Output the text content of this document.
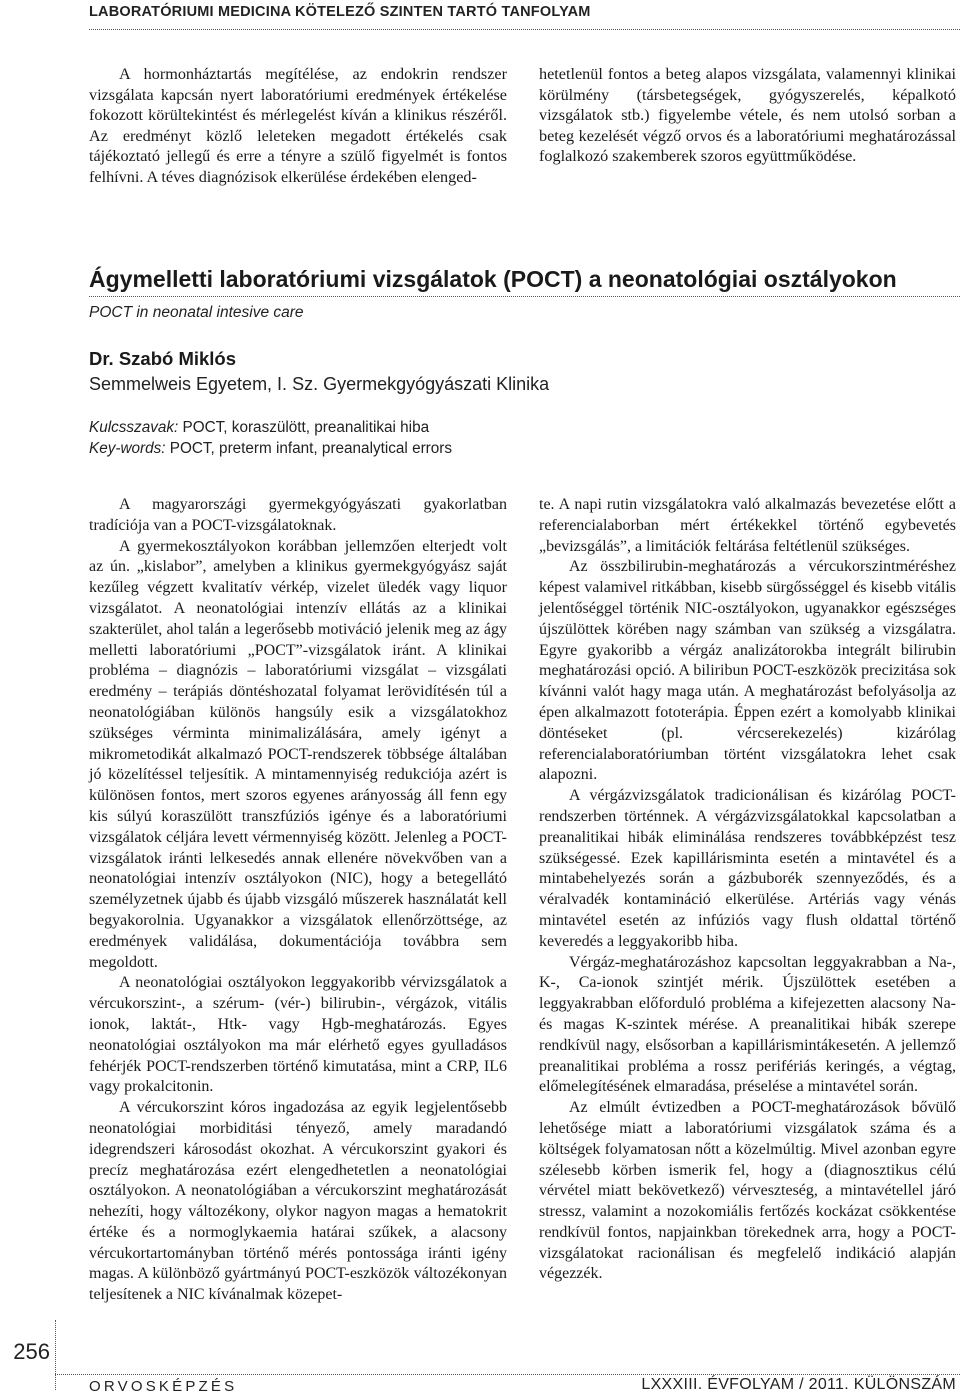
LABORATÓRIUMI MEDICINA KÖTELEZŐ SZINTEN TARTÓ TANFOLYAM

A hormonháztartás megítélése, az endokrin rendszer vizsgálata kapcsán nyert laboratóriumi eredmények értékelése fokozott körültekintést és mérlegelést kíván a klinikus részéről. Az eredményt közlő leleteken megadott értékelés csak tájékoztató jellegű és erre a tényre a szülő figyelmét is fontos felhívni. A téves diagnózisok elkerülése érdekében elenged-

hetetlenül fontos a beteg alapos vizsgálata, valamennyi klinikai körülmény (társbetegségek, gyógyszerelés, képalkotó vizsgálatok stb.) figyelembe vétele, és nem utolsó sorban a beteg kezelését végző orvos és a laboratóriumi meghatározással foglalkozó szakemberek szoros együttműködése.

Ágymelletti laboratóriumi vizsgálatok (POCT) a neonatológiai osztályokon
POCT in neonatal intesive care
Dr. Szabó Miklós
Semmelweis Egyetem, I. Sz. Gyermekgyógyászati Klinika
Kulcsszavak: POCT, koraszülött, preanalitikai hiba
Key-words: POCT, preterm infant, preanalytical errors

A magyarországi gyermekgyógyászati gyakorlatban tradíciója van a POCT-vizsgálatoknak.

A gyermekosztályokon korábban jellemzően elterjedt volt az ún. „kislabor”, amelyben a klinikus gyermekgyógyász saját kezűleg végzett kvalitatív vérkép, vizelet üledék vagy liquor vizsgálatot. A neonatológiai intenzív ellátás az a klinikai szakterület, ahol talán a legerősebb motiváció jelenik meg az ágy melletti laboratóriumi „POCT”-vizsgálatok iránt. A klinikai probléma – diagnózis – laboratóriumi vizsgálat – vizsgálati eredmény – terápiás döntéshozatal folyamat lerövidítésén túl a neonatológiában különös hangsúly esik a vizsgálatokhoz szükséges vérminta minimalizálására, amely igényt a mikrometodikát alkalmazó POCT-rendszerek többsége általában jó közelítéssel teljesítik. A mintamennyiség redukciója azért is különösen fontos, mert szoros egyenes arányosság áll fenn egy kis súlyú koraszülött transzfúziós igénye és a laboratóriumi vizsgálatok céljára levett vérmennyiség között. Jelenleg a POCT-vizsgálatok iránti lelkesedés annak ellenére növekvőben van a neonatológiai intenzív osztályokon (NIC), hogy a betegellátó személyzetnek újabb és újabb vizsgáló műszerek használatát kell begyakorolnia. Ugyanakkor a vizsgálatok ellenőrzöttsége, az eredmények validálása, dokumentációja továbbra sem megoldott.

A neonatológiai osztályokon leggyakoribb vérvizsgálatok a vércukorszint-, a szérum- (vér-) bilirubin-, vérgázok, vitális ionok, laktát-, Htk- vagy Hgb-meghatározás. Egyes neonatológiai osztályokon ma már elérhető egyes gyulladásos fehérjék POCT-rendszerben történő kimutatása, mint a CRP, IL6 vagy prokalcitonin.

A vércukorszint kóros ingadozása az egyik legjelentősebb neonatológiai morbiditási tényező, amely maradandó idegrendszeri károsodást okozhat. A vércukorszint gyakori és precíz meghatározása ezért elengedhetetlen a neonatológiai osztályokon. A neonatológiában a vércukorszint meghatározását nehezíti, hogy változékony, olykor nagyon magas a hematokrit értéke és a normoglykaemia határai szűkek, a alacsony vércukortartományban történő mérés pontossága iránti igény magas. A különböző gyártmányú POCT-eszközök változékonyan teljesítenek a NIC kívánalmak közepet-

te. A napi rutin vizsgálatokra való alkalmazás bevezetése előtt a referencialaborban mért értékekkel történő egybevetés „bevizsgálás”, a limitációk feltárása feltétlenül szükséges.

Az összbilirubin-meghatározás a vércukorszintméréshez képest valamivel ritkábban, kisebb sürgősséggel és kisebb vitális jelentőséggel történik NIC-osztályokon, ugyanakkor egészséges újszülöttek körében nagy számban van szükség a vizsgálatra. Egyre gyakoribb a vérgáz analizátorokba integrált bilirubin meghatározási opció. A biliribun POCT-eszközök precizitása sok kívánni valót hagy maga után. A meghatározást befolyásolja az épen alkalmazott fototerápia. Éppen ezért a komolyabb klinikai döntéseket (pl. vércserekezelés) kizárólag referencialaboratóriumban történt vizsgálatokra lehet csak alapozni.

A vérgázvizsgálatok tradicionálisan és kizárólag POCT-rendszerben történnek. A vérgázvizsgálatokkal kapcsolatban a preanalitikai hibák eliminálása rendszeres továbbképzést tesz szükségessé. Ezek kapillárisminta esetén a mintavétel és a mintabehelyezés során a gázbuborék szennyeződés, és a véralvadék kontamináció elkerülése. Artériás vagy vénás mintavétel esetén az infúziós vagy flush oldattal történő keveredés a leggyakoribb hiba.

Vérgáz-meghatározáshoz kapcsoltan leggyakrabban a Na-, K-, Ca-ionok szintjét mérik. Újszülöttek esetében a leggyakrabban előforduló probléma a kifejezetten alacsony Na- és magas K-szintek mérése. A preanalitikai hibák szerepe rendkívül nagy, elsősorban a kapillárismintákesetén. A jellemző preanalitikai probléma a rossz perifériás keringés, a végtag, előmelegítésének elmaradása, préselése a mintavétel során.

Az elmúlt évtizedben a POCT-meghatározások bővülő lehetősége miatt a laboratóriumi vizsgálatok száma és a költségek folyamatosan nőtt a közelmúltig. Mivel azonban egyre szélesebb körben ismerik fel, hogy a (diagnosztikus célú vérvétel miatt bekövetkező) vérveszteség, a mintavétellel járó stressz, valamint a nozokomiális fertőzés kockázat csökkentése rendkívül fontos, napjainkban törekednek arra, hogy a POCT-vizsgálatokat racionálisan és megfelelő indikáció alapján végezzék.

256
ORVOSKÉPZÉS	LXXXIII. ÉVFOLYAM / 2011. KÜLÖNSZÁM
